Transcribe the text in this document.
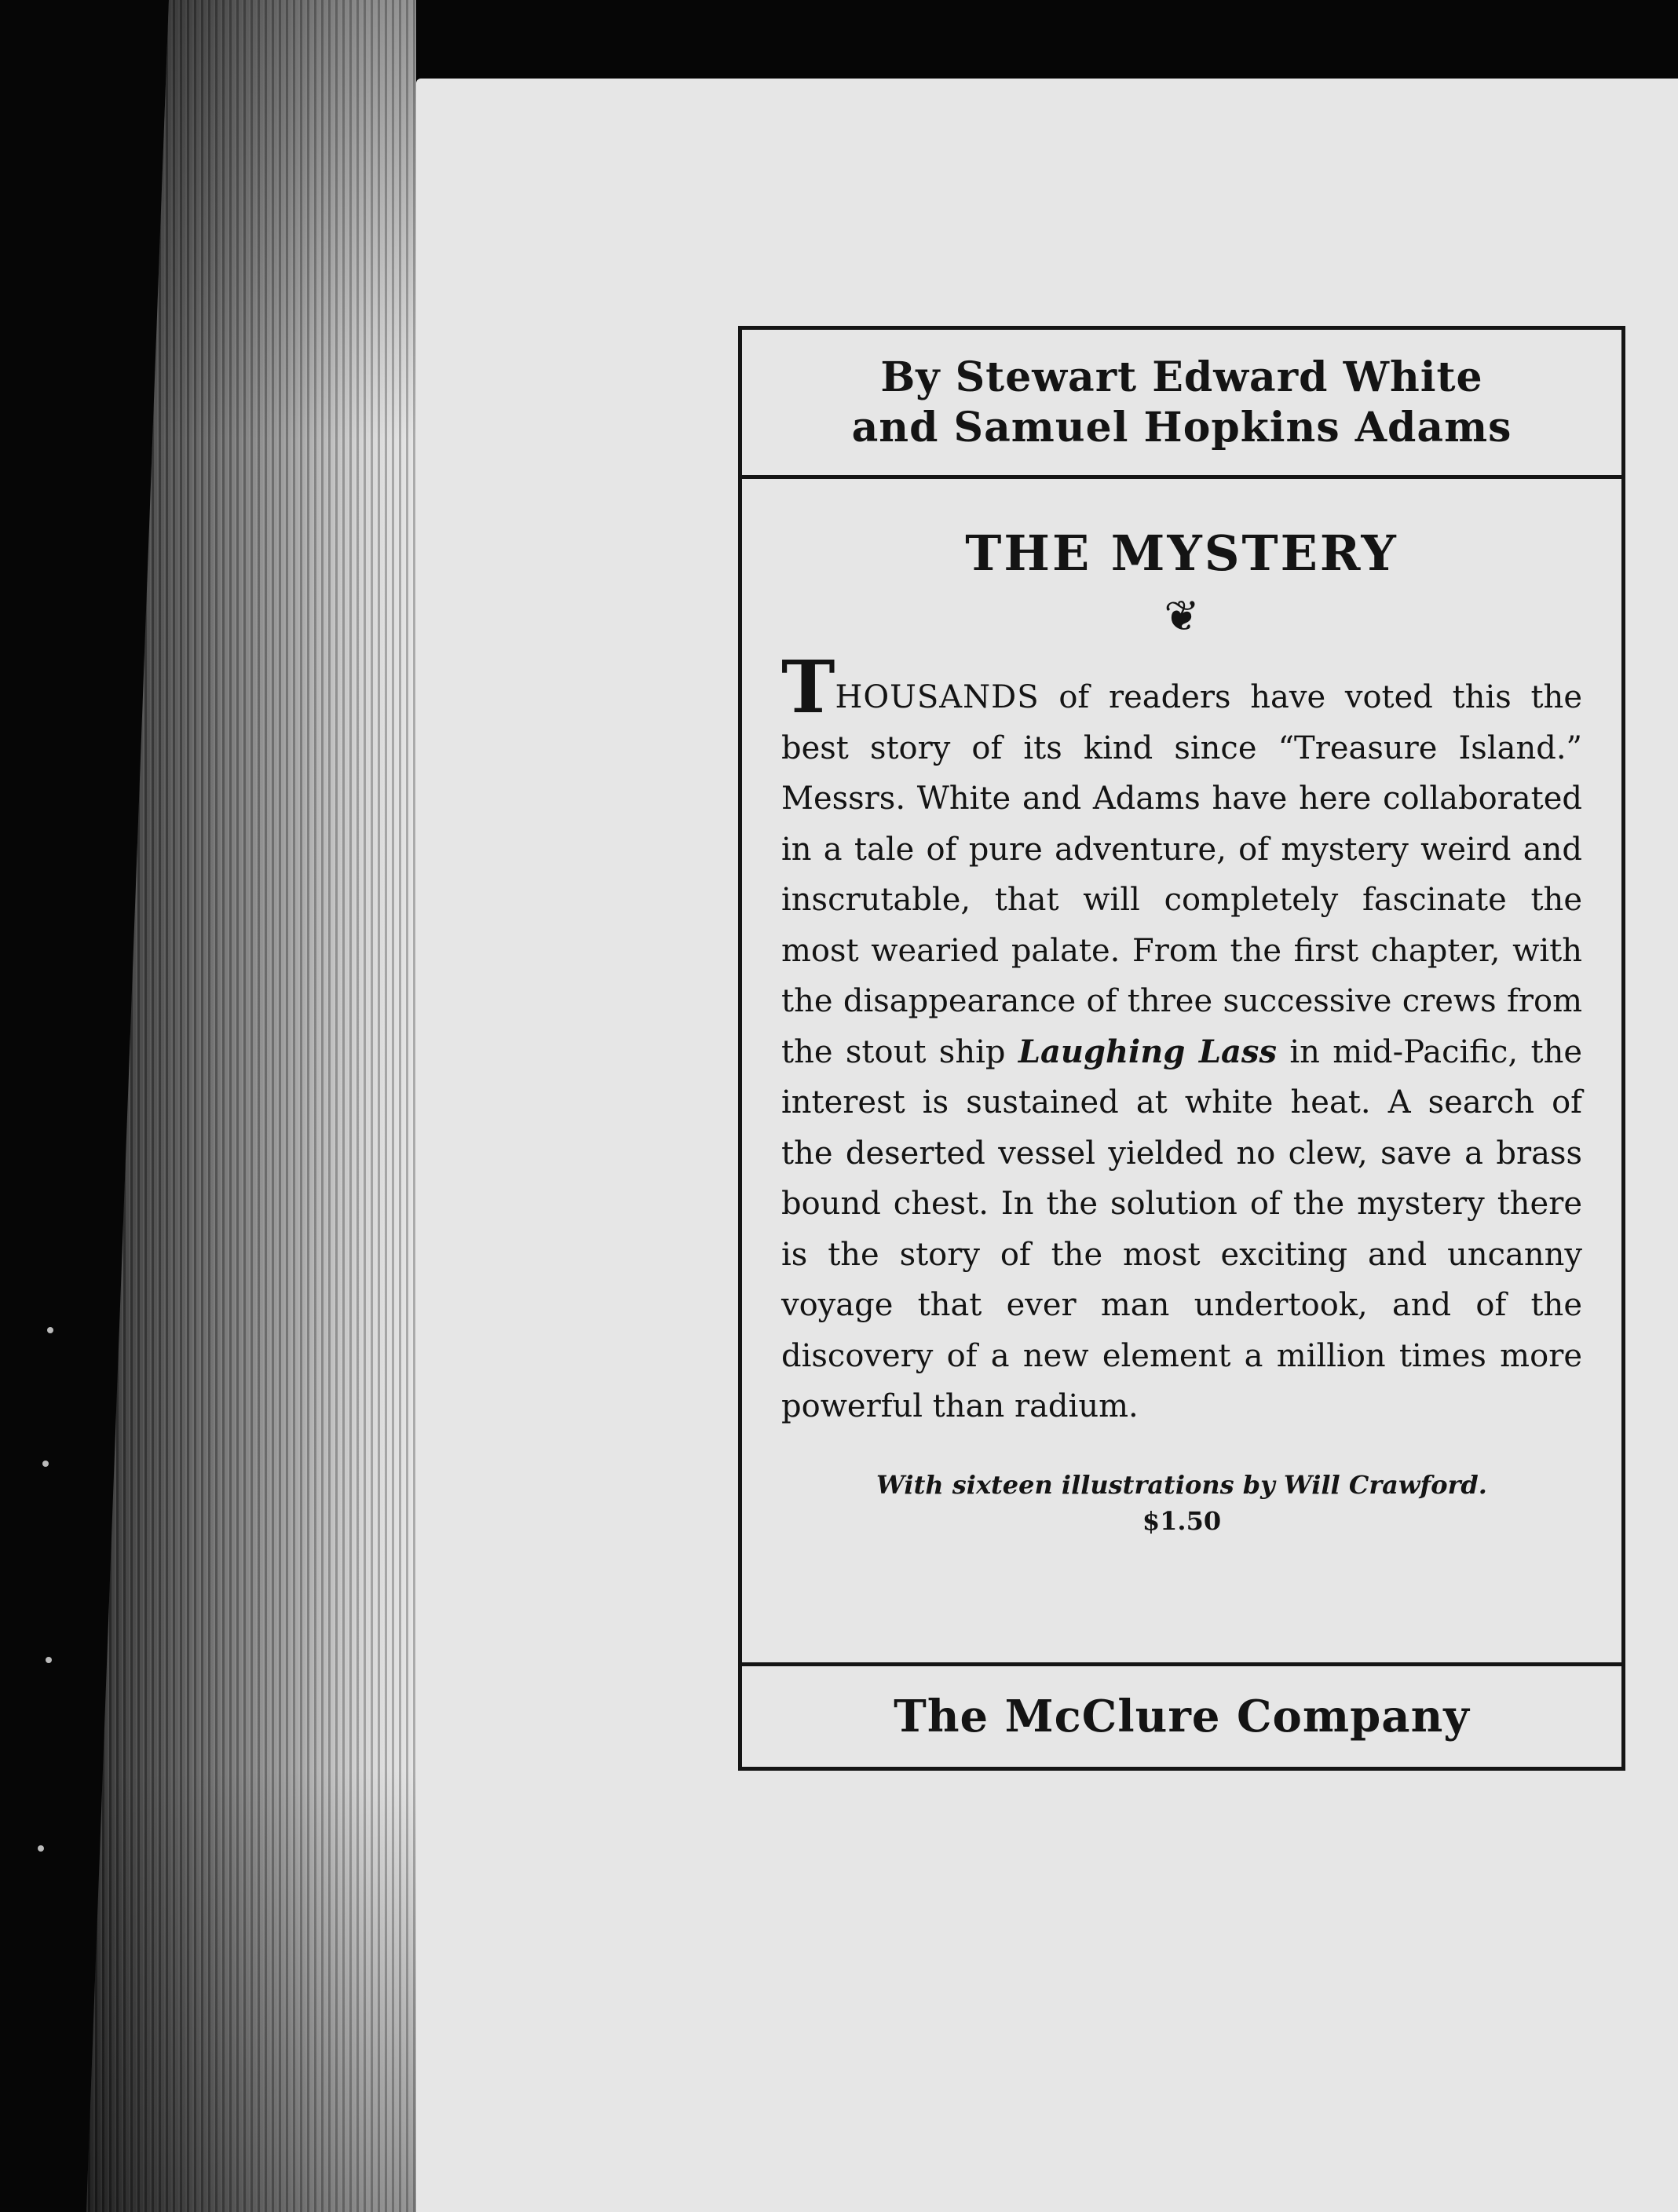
By Stewart Edward White
and Samuel Hopkins Adams
THE MYSTERY
❦

THOUSANDS of readers have voted this the best story of its kind since “Treasure Island.” Messrs. White and Adams have here collaborated in a tale of pure adventure, of mystery weird and inscrutable, that will completely fascinate the most wearied palate. From the first chapter, with the disappearance of three successive crews from the stout ship Laughing Lass in mid-Pacific, the interest is sustained at white heat. A search of the deserted vessel yielded no clew, save a brass bound chest. In the solution of the mystery there is the story of the most exciting and uncanny voyage that ever man undertook, and of the discovery of a new element a million times more powerful than radium.

With sixteen illustrations by Will Crawford.
$1.50
The McClure Company
